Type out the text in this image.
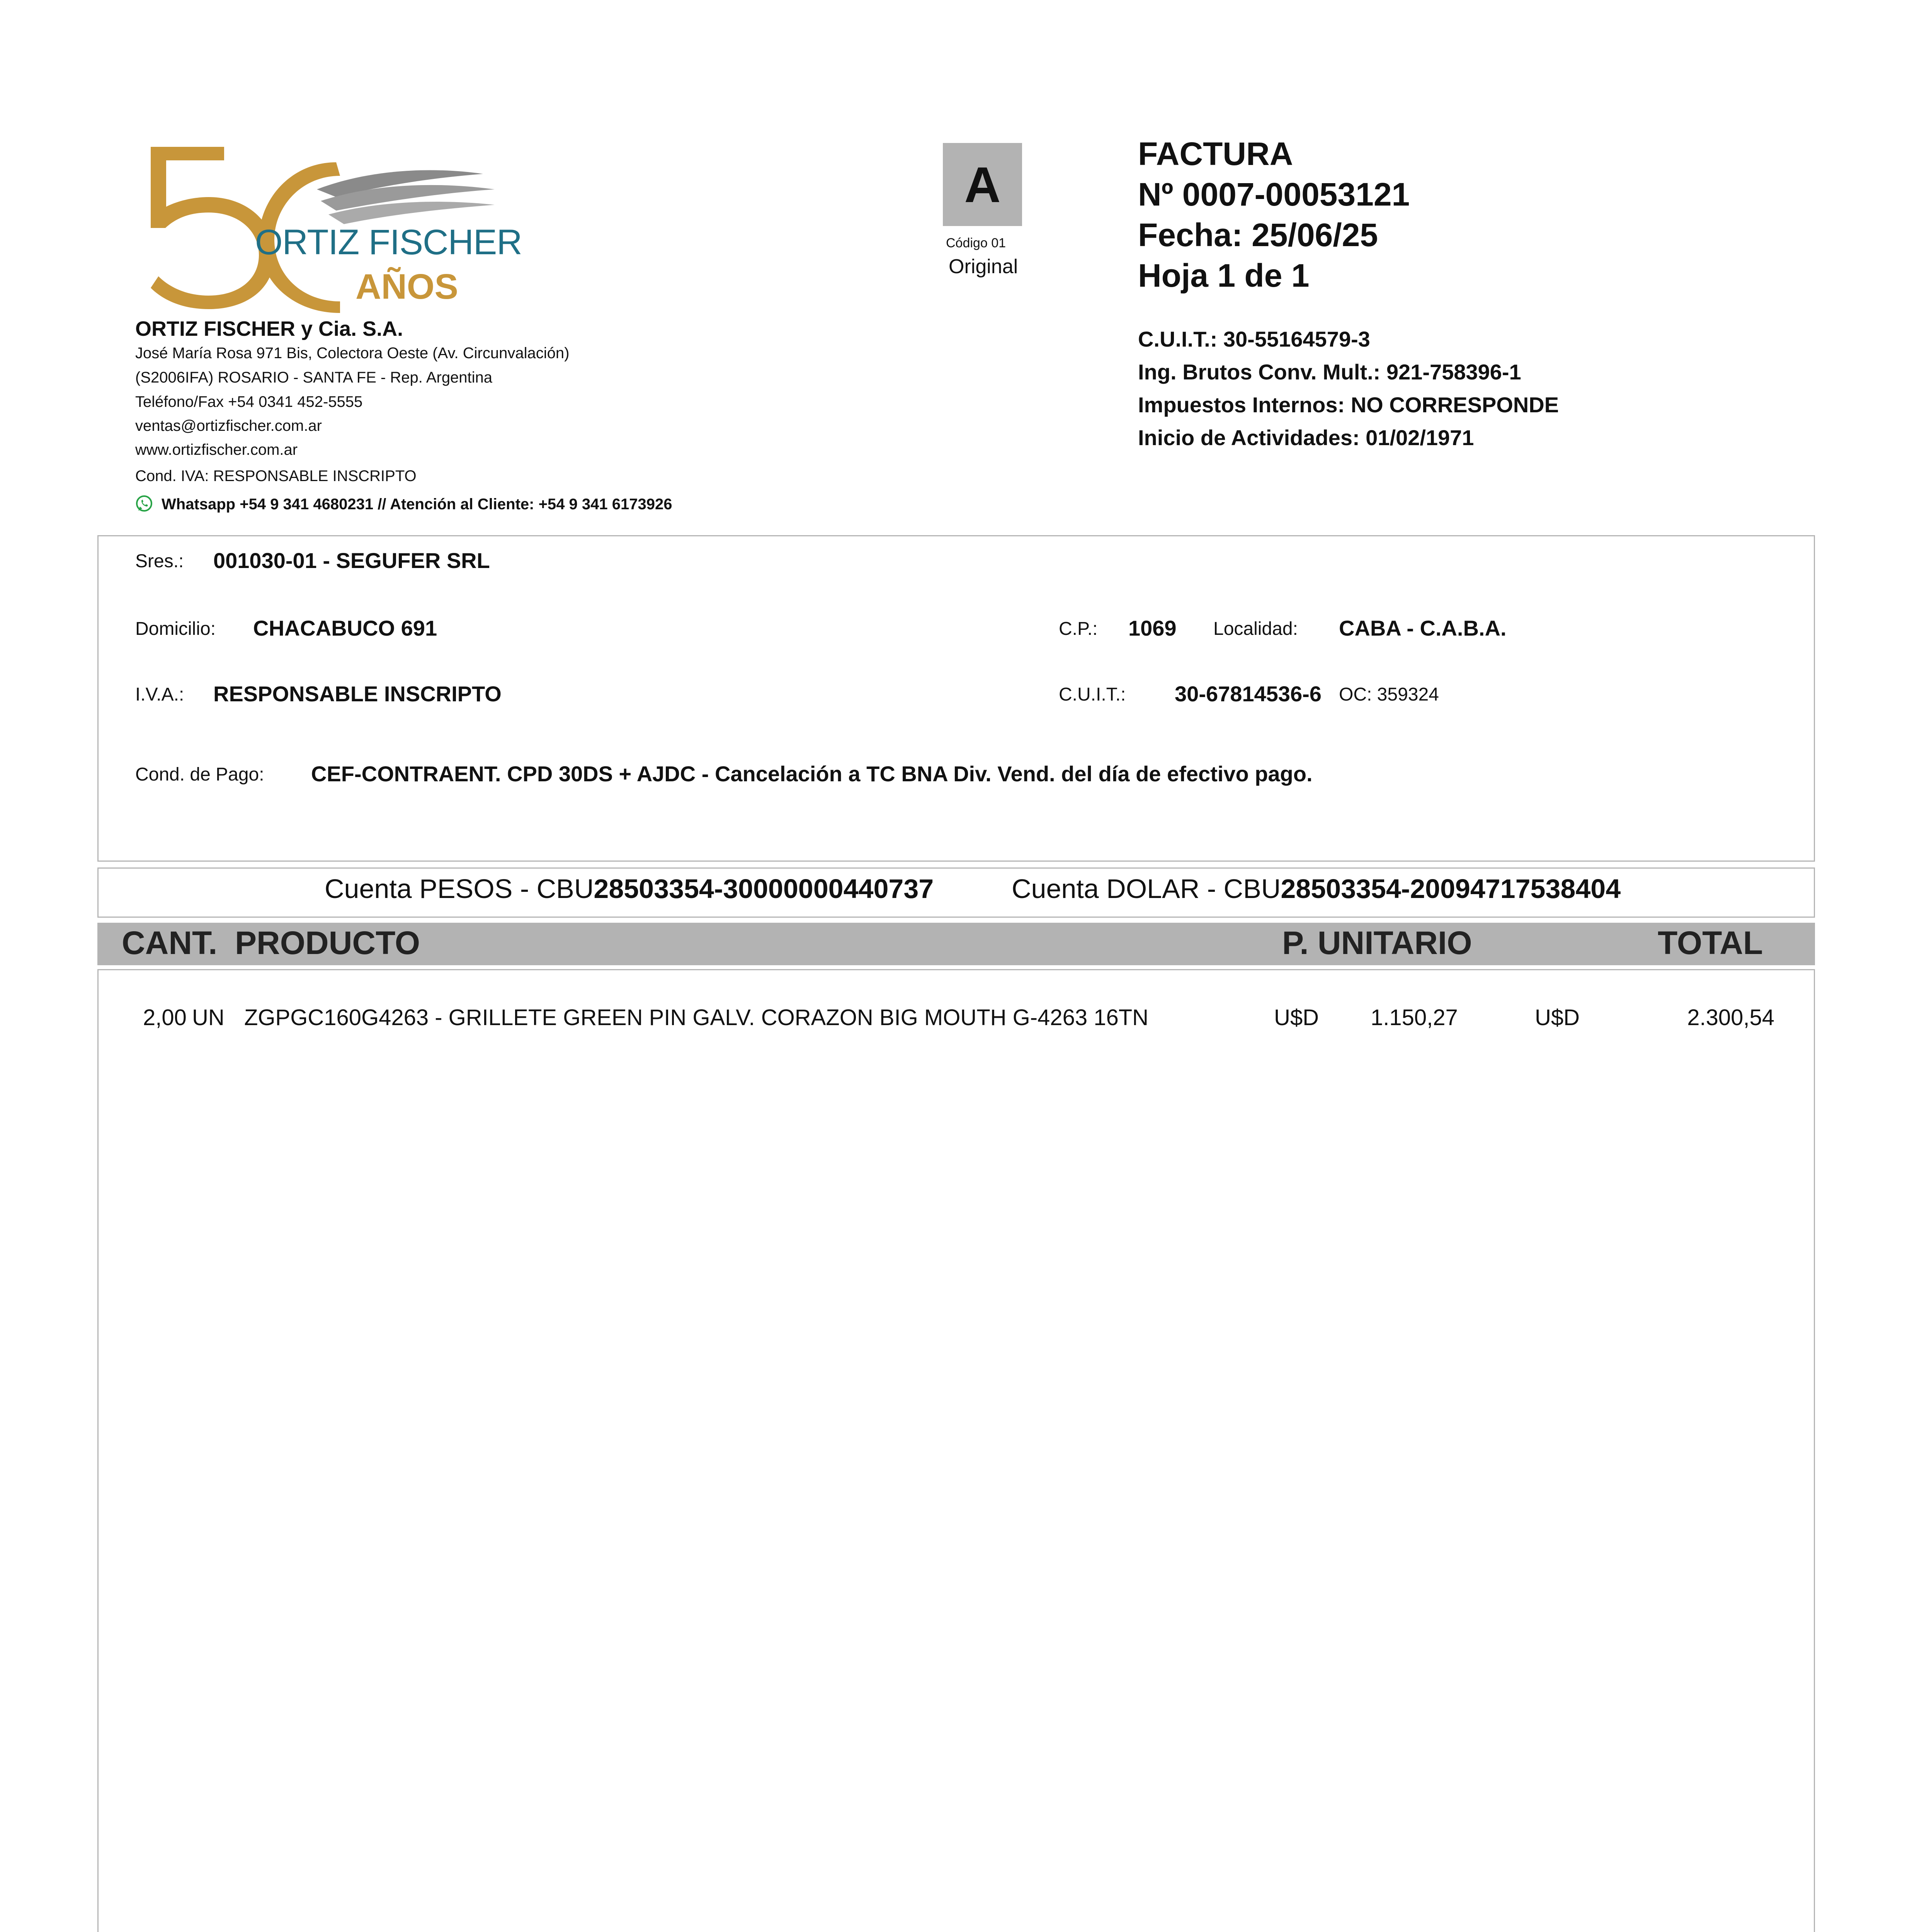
ORTIZ FISCHER
AÑOS
ORTIZ FISCHER y Cia. S.A.
José María Rosa 971 Bis, Colectora Oeste (Av. Circunvalación)
(S2006IFA) ROSARIO - SANTA FE - Rep. Argentina
Teléfono/Fax +54 0341 452-5555
ventas@ortizfischer.com.ar
www.ortizfischer.com.ar
Cond. IVA: RESPONSABLE INSCRIPTO
Whatsapp +54 9 341 4680231 // Atención al Cliente: +54 9 341 6173926
A
Código 01
Original
FACTURA
Nº 0007-00053121
Fecha: 25/06/25
Hoja 1 de 1
C.U.I.T.: 30-55164579-3
Ing. Brutos Conv. Mult.: 921-758396-1
Impuestos Internos: NO CORRESPONDE
Inicio de Actividades: 01/02/1971
Sres.: 001030-01 - SEGUFER SRL
Domicilio: CHACABUCO 691	C.P.: 1069 Localidad: CABA - C.A.B.A.
I.V.A.: RESPONSABLE INSCRIPTO	C.U.I.T.: 30-67814536-6 OC: 359324
Cond. de Pago: CEF-CONTRAENT. CPD 30DS + AJDC - Cancelación a TC BNA Div. Vend. del día de efectivo pago.
Cuenta PESOS - CBU28503354-30000000440737	Cuenta DOLAR - CBU28503354-20094717538404
CANT. PRODUCTO	P. UNITARIO	TOTAL
2,00 UN ZGPGC160G4263 - GRILLETE GREEN PIN GALV. CORAZON BIG MOUTH G-4263 16TN	U$D 1.150,27	U$D	2.300,54
